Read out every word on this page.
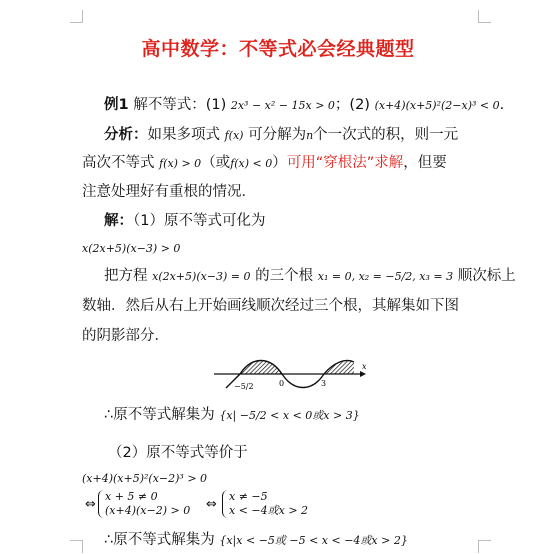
高中数学：不等式必会经典题型
例1 解不等式：(1) 2x³ − x² − 15x > 0；(2) (x+4)(x+5)²(2−x)³ < 0.
分析：如果多项式 f(x) 可分解为n个一次式的积，则一元
高次不等式 f(x) > 0（或f(x) < 0）可用“穿根法”求解，但要
注意处理好有重根的情况．
解：（1）原不等式可化为
x(2x+5)(x−3) > 0
把方程 x(2x+5)(x−3) = 0 的三个根 x₁ = 0, x₂ = −5/2, x₃ = 3 顺次标上
数轴．然后从右上开始画线顺次经过三个根，其解集如下图
的阴影部分．
−5/2	0	3
x
∴原不等式解集为 {x| −5/2 < x < 0或x > 3}
（2）原不等式等价于
(x+4)(x+5)²(x−2)³ > 0
⇔
x + 5 ≠ 0
(x+4)(x−2) > 0 ⇔
x ≠ −5
x < −4或x > 2
∴原不等式解集为 {x|x < −5或 −5 < x < −4或x > 2}
